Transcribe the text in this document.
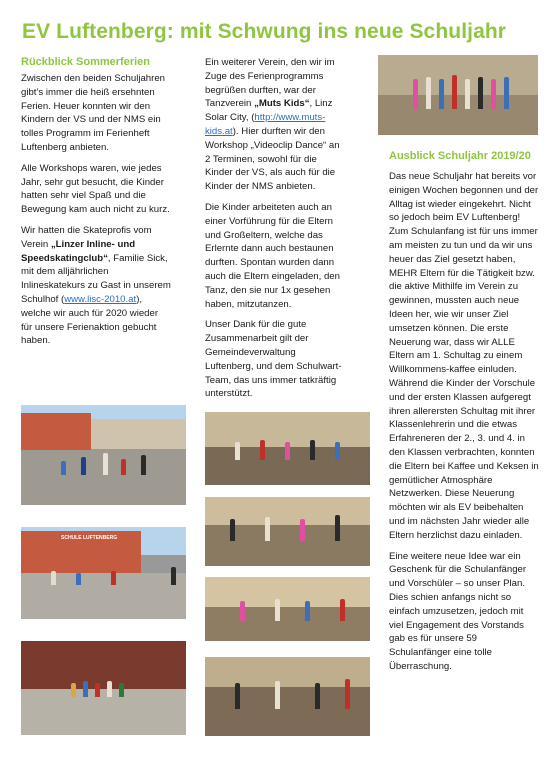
EV Luftenberg: mit Schwung ins neue Schuljahr
Rückblick Sommerferien

Zwischen den beiden Schuljahren gibt’s immer die heiß ersehnten Ferien. Heuer konnten wir den Kindern der VS und der NMS ein tolles Programm im Ferienheft Luftenberg anbieten.

Alle Workshops waren, wie jedes Jahr, sehr gut besucht, die Kinder hatten sehr viel Spaß und die Bewegung kam auch nicht zu kurz.

Wir hatten die Skateprofis vom Verein „Linzer Inline- und Speedskatingclub“, Familie Sick, mit dem alljährlichen Inlineskatekurs zu Gast in unserem Schulhof (www.lisc-2010.at), welche wir auch für 2020 wieder für unsere Ferienaktion gebucht haben.

Ein weiterer Verein, den wir im Zuge des Ferienprogramms begrüßen durften, war der Tanzverein „Muts Kids“, Linz Solar City, (http://www.muts-kids.at). Hier durften wir den Workshop „Videoclip Dance“ an 2 Terminen, sowohl für die Kinder der VS, als auch für die Kinder der NMS anbieten.

Die Kinder arbeiteten auch an einer Vorführung für die Eltern und Großeltern, welche das Erlernte dann auch bestaunen durften. Spontan wurden dann auch die Eltern eingeladen, den Tanz, den sie nur 1x gesehen haben, mitzutanzen.

Unser Dank für die gute Zusammenarbeit gilt der Gemeindeverwaltung Luftenberg, und dem Schulwart-Team, das uns immer tatkräftig unterstützt.

Ausblick Schuljahr 2019/20

Das neue Schuljahr hat bereits vor einigen Wochen begonnen und der Alltag ist wieder eingekehrt. Nicht so jedoch beim EV Luftenberg! Zum Schulanfang ist für uns immer am meisten zu tun und da wir uns heuer das Ziel gesetzt haben, MEHR Eltern für die Tätigkeit bzw. die aktive Mithilfe im Verein zu gewinnen, mussten auch neue Ideen her, wie wir unser Ziel umsetzen können. Die erste Neuerung war, dass wir ALLE Eltern am 1. Schultag zu einem Willkommens-kaffee einluden. Während die Kinder der Vorschule und der ersten Klassen aufgeregt ihren allerersten Schultag mit ihrer Klassenlehrerin und die etwas Erfahreneren der 2., 3. und 4. in den Klassen verbrachten, konnten die Eltern bei Kaffee und Keksen in gemütlicher Atmosphäre Netzwerken. Diese Neuerung möchten wir als EV beibehalten und im nächsten Jahr wieder alle Eltern herzlichst dazu einladen.

Eine weitere neue Idee war ein Geschenk für die Schulanfänger und Vorschüler – so unser Plan. Dies schien anfangs nicht so einfach umzusetzen, jedoch mit viel Engagement des Vorstands gab es für unsere 59 Schulanfänger eine tolle Überraschung.

SCHULE LUFTENBERG
